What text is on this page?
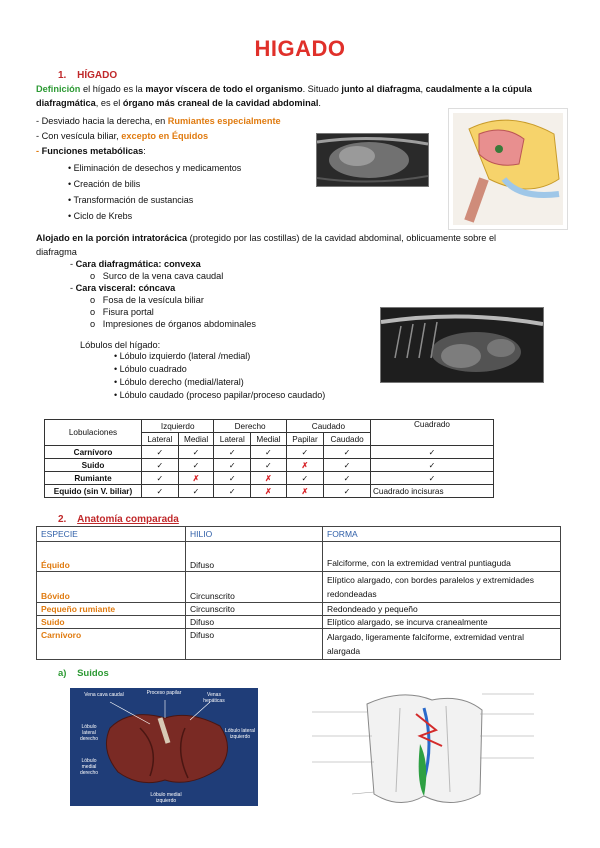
HIGADO
1. HÍGADO
Definición el hígado es la mayor víscera de todo el organismo. Situado junto al diafragma, caudalmente a la cúpula
diafragmática, es el órgano más craneal de la cavidad abdominal.
- Desviado hacia la derecha, en Rumiantes especialmente
- Con vesícula biliar, excepto en Équidos
- Funciones metabólicas:
• Eliminación de desechos y medicamentos
• Creación de bilis
• Transformación de sustancias
• Ciclo de Krebs
Alojado en la porción intratorácica (protegido por las costillas) de la cavidad abdominal, oblicuamente sobre el
diafragma
- Cara diafragmática: convexa
o   Surco de la vena cava caudal
- Cara visceral: cóncava
o   Fosa de la vesícula biliar
o   Fisura portal
o   Impresiones de órganos abdominales
Lóbulos del hígado:
• Lóbulo izquierdo (lateral /medial)
• Lóbulo cuadrado
• Lóbulo derecho (medial/lateral)
• Lóbulo caudado (proceso papilar/proceso caudado)
Lobulaciones	Izquierdo		Derecho		Caudado		Cuadrado
	Lateral	Medial	Lateral	Medial	Papilar	Caudado	
Carnívoro	✓	✓	✓	✓	✓	✓	✓
Suido	✓	✓	✓	✓	✗	✓	✓
Rumiante	✓	✗	✓	✗	✓	✓	✓
Equido (sin V. biliar)	✓	✓	✓	✗	✗	✓	Cuadrado incisuras
2. Anatomía comparada
ESPECIE	HILIO	FORMA
Équido	Difuso	Falciforme, con la extremidad ventral puntiaguda
Bóvido	Circunscrito	Elíptico alargado, con bordes paralelos y extremidades redondeadas
Pequeño rumiante	Circunscrito	Redondeado y pequeño
Suido	Difuso	Elíptico alargado, se incurva cranealmente
Carnívoro	Difuso	Alargado, ligeramente falciforme, extremidad ventral alargada
a) Suidos
Vena cava caudal	Proceso papilar	Venas hepáticas
Lóbulo lateral derecho
Lóbulo lateral izquierdo
Lóbulo medial derecho
Lóbulo medial izquierdo
